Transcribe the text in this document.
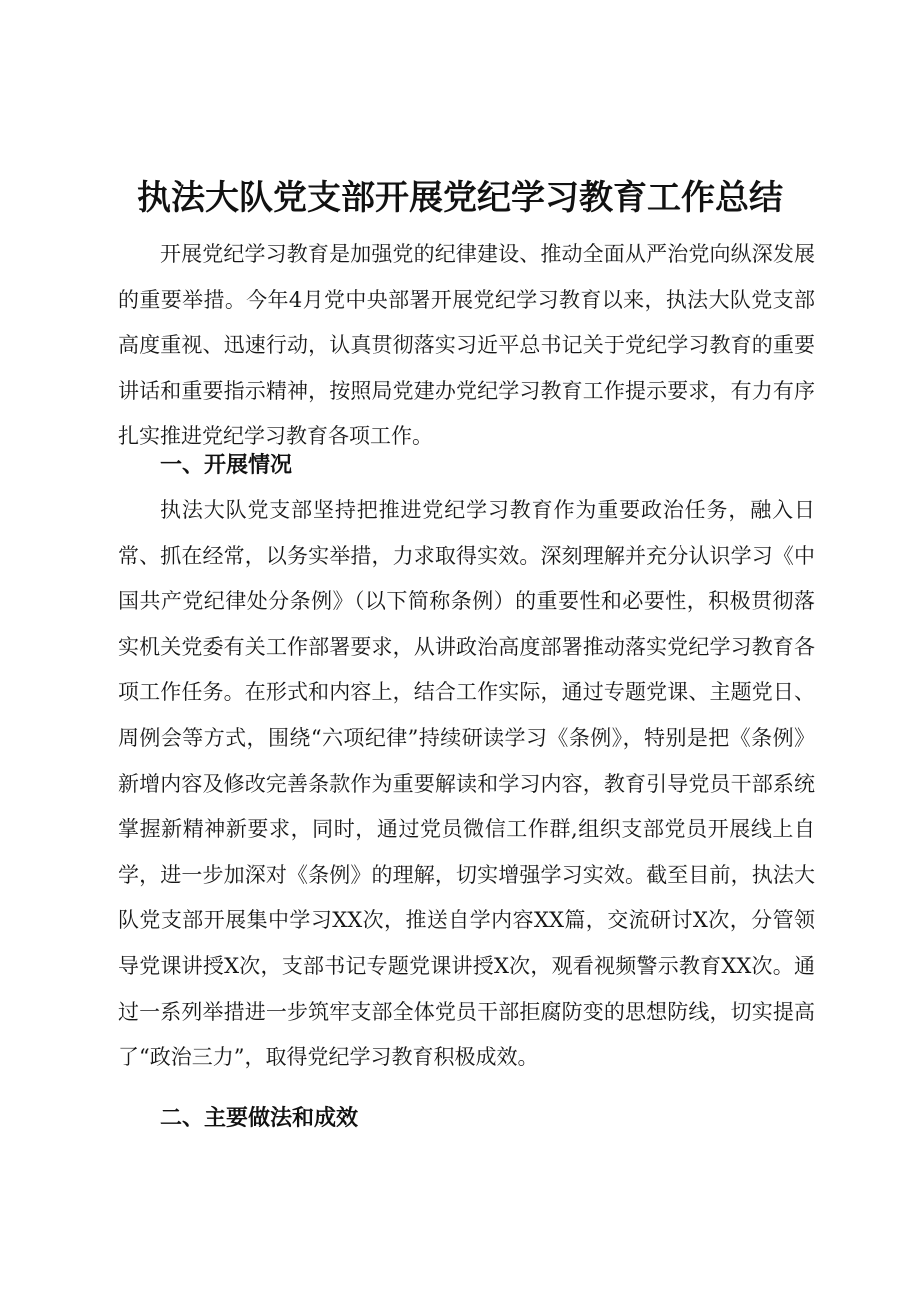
执法大队党支部开展党纪学习教育工作总结

开展党纪学习教育是加强党的纪律建设、推动全面从严治党向纵深发展的重要举措。今年4月党中央部署开展党纪学习教育以来，执法大队党支部高度重视、迅速行动，认真贯彻落实习近平总书记关于党纪学习教育的重要讲话和重要指示精神，按照局党建办党纪学习教育工作提示要求，有力有序扎实推进党纪学习教育各项工作。

一、开展情况

执法大队党支部坚持把推进党纪学习教育作为重要政治任务，融入日常、抓在经常，以务实举措，力求取得实效。深刻理解并充分认识学习《中国共产党纪律处分条例》（以下简称条例）的重要性和必要性，积极贯彻落实机关党委有关工作部署要求，从讲政治高度部署推动落实党纪学习教育各项工作任务。在形式和内容上，结合工作实际，通过专题党课、主题党日、周例会等方式，围绕“六项纪律”持续研读学习《条例》，特别是把《条例》新增内容及修改完善条款作为重要解读和学习内容，教育引导党员干部系统掌握新精神新要求，同时，通过党员微信工作群,组织支部党员开展线上自学，进一步加深对《条例》的理解，切实增强学习实效。截至目前，执法大队党支部开展集中学习XX次，推送自学内容XX篇，交流研讨X次，分管领导党课讲授X次，支部书记专题党课讲授X次，观看视频警示教育XX次。通过一系列举措进一步筑牢支部全体党员干部拒腐防变的思想防线，切实提高了“政治三力”，取得党纪学习教育积极成效。

二、主要做法和成效
